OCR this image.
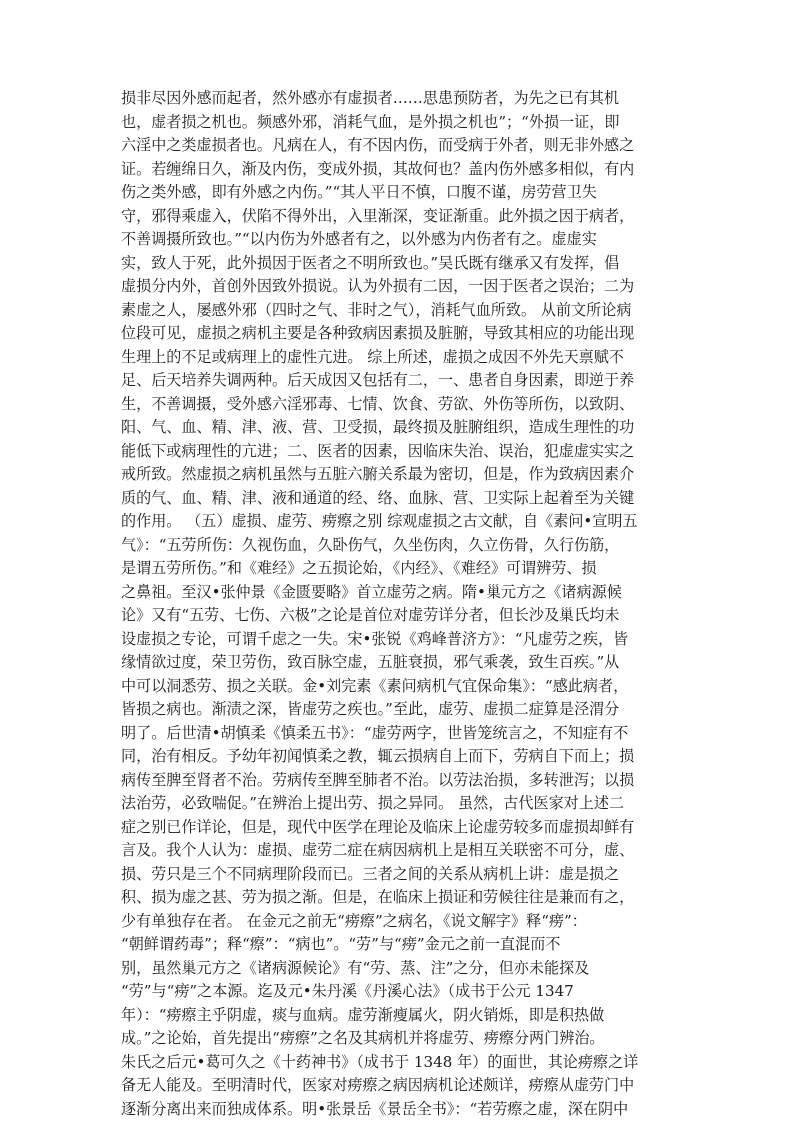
损非尽因外感而起者，然外感亦有虚损者……思患预防者，为先之已有其机
也，虚者损之机也。频感外邪，消耗气血，是外损之机也”；“外损一证，即
六淫中之类虚损者也。凡病在人，有不因内伤，而受病于外者，则无非外感之
证。若缠绵日久，渐及内伤，变成外损，其故何也？盖内伤外感多相似，有内
伤之类外感，即有外感之内伤。”“其人平日不慎，口腹不谨，房劳营卫失
守，邪得乘虚入，伏陷不得外出，入里渐深，变证渐重。此外损之因于病者，
不善调摄所致也。”“以内伤为外感者有之，以外感为内伤者有之。虚虚实
实，致人于死，此外损因于医者之不明所致也。”吴氏既有继承又有发挥，倡
虚损分内外，首创外因致外损说。认为外损有二因，一因于医者之误治；二为
素虚之人，屡感外邪（四时之气、非时之气），消耗气血所致。 从前文所论病
位段可见，虚损之病机主要是各种致病因素损及脏腑，导致其相应的功能出现
生理上的不足或病理上的虚性亢进。 综上所述，虚损之成因不外先天禀赋不
足、后天培养失调两种。后天成因又包括有二，一、患者自身因素，即逆于养
生，不善调摄，受外感六淫邪毒、七情、饮食、劳欲、外伤等所伤，以致阴、
阳、气、血、精、津、液、营、卫受损，最终损及脏腑组织，造成生理性的功
能低下或病理性的亢进；二、医者的因素，因临床失治、误治，犯虚虚实实之
戒所致。然虚损之病机虽然与五脏六腑关系最为密切，但是，作为致病因素介
质的气、血、精、津、液和通道的经、络、血脉、营、卫实际上起着至为关键
的作用。 （五）虚损、虚劳、痨瘵之别 综观虚损之古文献，自《素问•宣明五
气》：“五劳所伤：久视伤血，久卧伤气，久坐伤肉，久立伤骨，久行伤筋，
是谓五劳所伤。”和《难经》之五损论始，《内经》、《难经》可谓辨劳、损
之鼻祖。至汉•张仲景《金匮要略》首立虚劳之病。隋•巢元方之《诸病源候
论》又有“五劳、七伤、六极”之论是首位对虚劳详分者，但长沙及巢氏均未
设虚损之专论，可谓千虑之一失。宋•张锐《鸡峰普济方》：“凡虚劳之疾，皆
缘情欲过度，荣卫劳伤，致百脉空虚，五脏衰损，邪气乘袭，致生百疾。”从
中可以洞悉劳、损之关联。金•刘完素《素问病机气宜保命集》：“感此病者，
皆损之病也。渐渍之深，皆虚劳之疾也。”至此，虚劳、虚损二症算是泾渭分
明了。后世清•胡慎柔《慎柔五书》：“虚劳两字，世皆笼统言之，不知症有不
同，治有相反。予幼年初闻慎柔之教，辄云损病自上而下，劳病自下而上；损
病传至脾至肾者不治。劳病传至脾至肺者不治。以劳法治损，多转泄泻；以损
法治劳，必致喘促。”在辨治上提出劳、损之异同。 虽然，古代医家对上述二
症之别已作详论，但是，现代中医学在理论及临床上论虚劳较多而虚损却鲜有
言及。我个人认为：虚损、虚劳二症在病因病机上是相互关联密不可分，虚、
损、劳只是三个不同病理阶段而已。三者之间的关系从病机上讲：虚是损之
积、损为虚之甚、劳为损之渐。但是，在临床上损证和劳候往往是兼而有之，
少有单独存在者。 在金元之前无“痨瘵”之病名，《说文解字》释“痨”：
“朝鲜谓药毒”；释“瘵”：“病也”。“劳”与“痨”金元之前一直混而不
别，虽然巢元方之《诸病源候论》有“劳、蒸、注”之分，但亦未能探及
“劳”与“痨”之本源。迄及元•朱丹溪《丹溪心法》（成书于公元 1347
年）：“痨瘵主乎阴虚，痰与血病。虚劳渐瘦属火，阴火销烁，即是积热做
成。”之论始，首先提出“痨瘵”之名及其病机并将虚劳、痨瘵分两门辨治。
朱氏之后元•葛可久之《十药神书》（成书于 1348 年）的面世，其论痨瘵之详
备无人能及。至明清时代，医家对痨瘵之病因病机论述颇详，痨瘵从虚劳门中
逐渐分离出来而独成体系。明•张景岳《景岳全书》：“若劳瘵之虚，深在阴中
